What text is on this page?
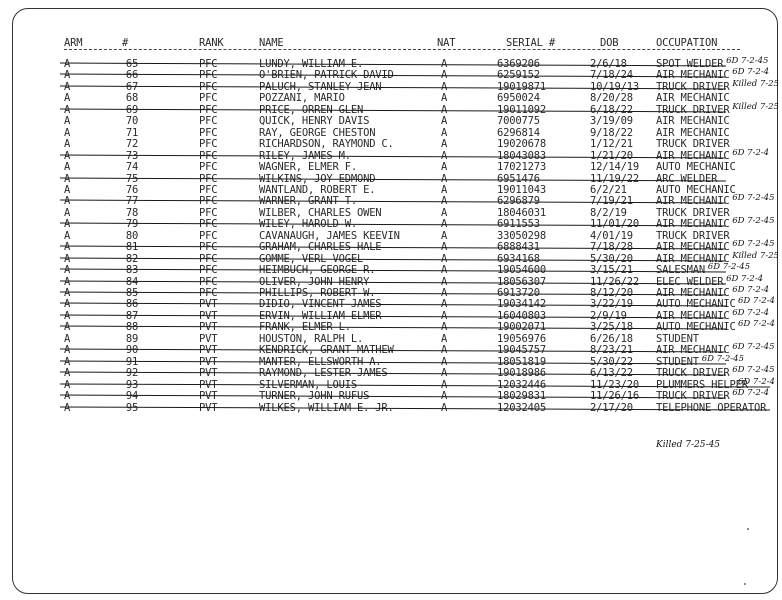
ARM	#	RANK	NAME	NAT	SERIAL #	DOB	OCCUPATION
A	65	PFC	LUNDY, WILLIAM E.	A	6369206	2/6/18	SPOT WELDER 6D 7-2-45
A	66	PFC	O'BRIEN, PATRICK DAVID	A	6259152	7/18/24 AIR MECHANIC 6D 7-2-4
A	67	PFC	PALUCH, STANLEY JEAN	A	19019871	10/19/13 TRUCK DRIVER Killed 7-25
A	68	PFC	POZZANI, MARIO	A	6950024	8/20/28 AIR MECHANIC
A	69	PFC	PRICE, ORREN GLEN	A	19011092	6/18/22 TRUCK DRIVER Killed 7-25
A	70	PFC	QUICK, HENRY DAVIS	A	7000775	3/19/09 AIR MECHANIC
A	71	PFC	RAY, GEORGE CHESTON	A	6296814	9/18/22 AIR MECHANIC
A	72	PFC	RICHARDSON, RAYMOND C.	A	19020678	1/12/21 TRUCK DRIVER
A	73	PFC	RILEY, JAMES M.	A	18043083	1/21/20 AIR MECHANIC 6D 7-2-4
A	74	PFC	WAGNER, ELMER F.	A	17021273	12/14/19 AUTO MECHANIC
A	75	PFC	WILKINS, JOY EDMOND	A	6951476	11/19/22 ARC WELDER
A	76	PFC	WANTLAND, ROBERT E.	A	19011043	6/2/21	AUTO MECHANIC
A	77	PFC	WARNER, GRANT T.	A	6296879	7/19/21 AIR MECHANIC 6D 7-2-45
A	78	PFC	WILBER, CHARLES OWEN	A	18046031	8/2/19	TRUCK DRIVER
A	79	PFC	WILEY, HAROLD W.	A	6911553	11/01/20 AIR MECHANIC 6D 7-2-45
A	80	PFC	CAVANAUGH, JAMES KEEVIN	A	33050298	4/01/19 TRUCK DRIVER
A	81	PFC	GRAHAM, CHARLES HALE	A	6888431	7/18/28 AIR MECHANIC 6D 7-2-45
A	82	PFC	GOMME, VERL VOGEL	A	6934168	5/30/20 AIR MECHANIC Killed 7-25
A	83	PFC	HEIMBUCH, GEORGE R.	A	19054600	3/15/21 SALESMAN 6D 7-2-45
A	84	PFC	OLIVER, JOHN HENRY	A	18056307	11/26/22 ELEC WELDER 6D 7-2-4
A	85	PFC	PHILLIPS, ROBERT W.	A	6913720	8/12/20 AIR MECHANIC 6D 7-2-4
A	86	PVT	DIDIO, VINCENT JAMES	A	19034142	3/22/19 AUTO MECHANIC 6D 7-2-4
A	87	PVT	ERVIN, WILLIAM ELMER	A	16040803	2/9/19	AIR MECHANIC 6D 7-2-4
A	88	PVT	FRANK, ELMER L.	A	19002071	3/25/18 AUTO MECHANIC 6D 7-2-4
A	89	PVT	HOUSTON, RALPH L.	A	19056976	6/26/18 STUDENT
A	90	PVT	KENDRICK, GRANT MATHEW	A	19045757	8/23/21 AIR MECHANIC 6D 7-2-45
A	91	PVT	MANTER, ELLSWORTH A.	A	18051819	5/30/22 STUDENT 6D 7-2-45
A	92	PVT	RAYMOND, LESTER JAMES	A	19018986	6/13/22 TRUCK DRIVER 6D 7-2-45
A	93	PVT	SILVERMAN, LOUIS	A	12032446	11/23/20 PLUMMERS HELPER
6D 7-2-4
A	94	PVT	TURNER, JOHN RUFUS	A	18029831	11/26/16 TRUCK DRIVER 6D 7-2-4
A	95	PVT	WILKES, WILLIAM E. JR.	A	12032405	2/17/20 TELEPHONE OPERATOR
Killed 7-25-45
